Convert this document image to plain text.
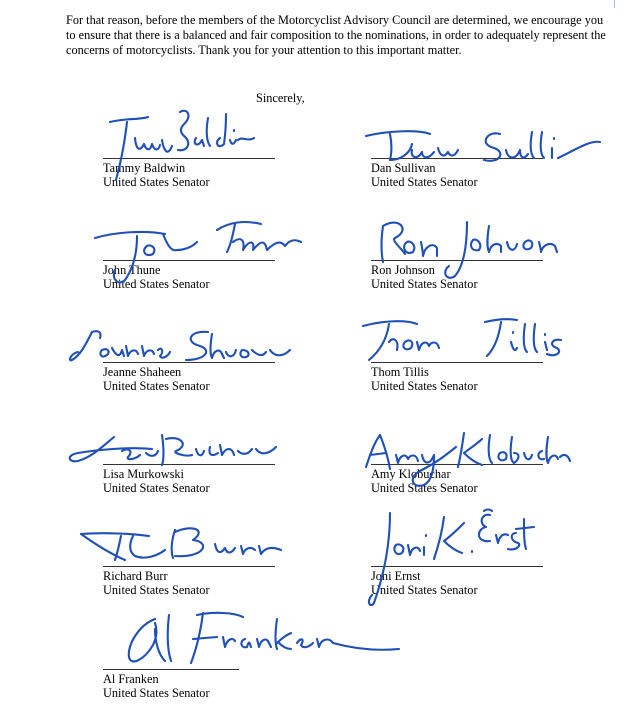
For that reason, before the members of the Motorcyclist Advisory Council are determined, we encourage you to ensure that there is a balanced and fair composition to the nominations, in order to adequately represent the concerns of motorcyclists. Thank you for your attention to this important matter.

Sincerely,
Tammy Baldwin
United States Senator
Dan Sullivan
United States Senator
John Thune
United States Senator
Ron Johnson
United States Senator
Jeanne Shaheen
United States Senator
Thom Tillis
United States Senator
Lisa Murkowski
United States Senator
Amy Klobuchar
United States Senator
Richard Burr
United States Senator
Joni Ernst
United States Senator
Al Franken
United States Senator
